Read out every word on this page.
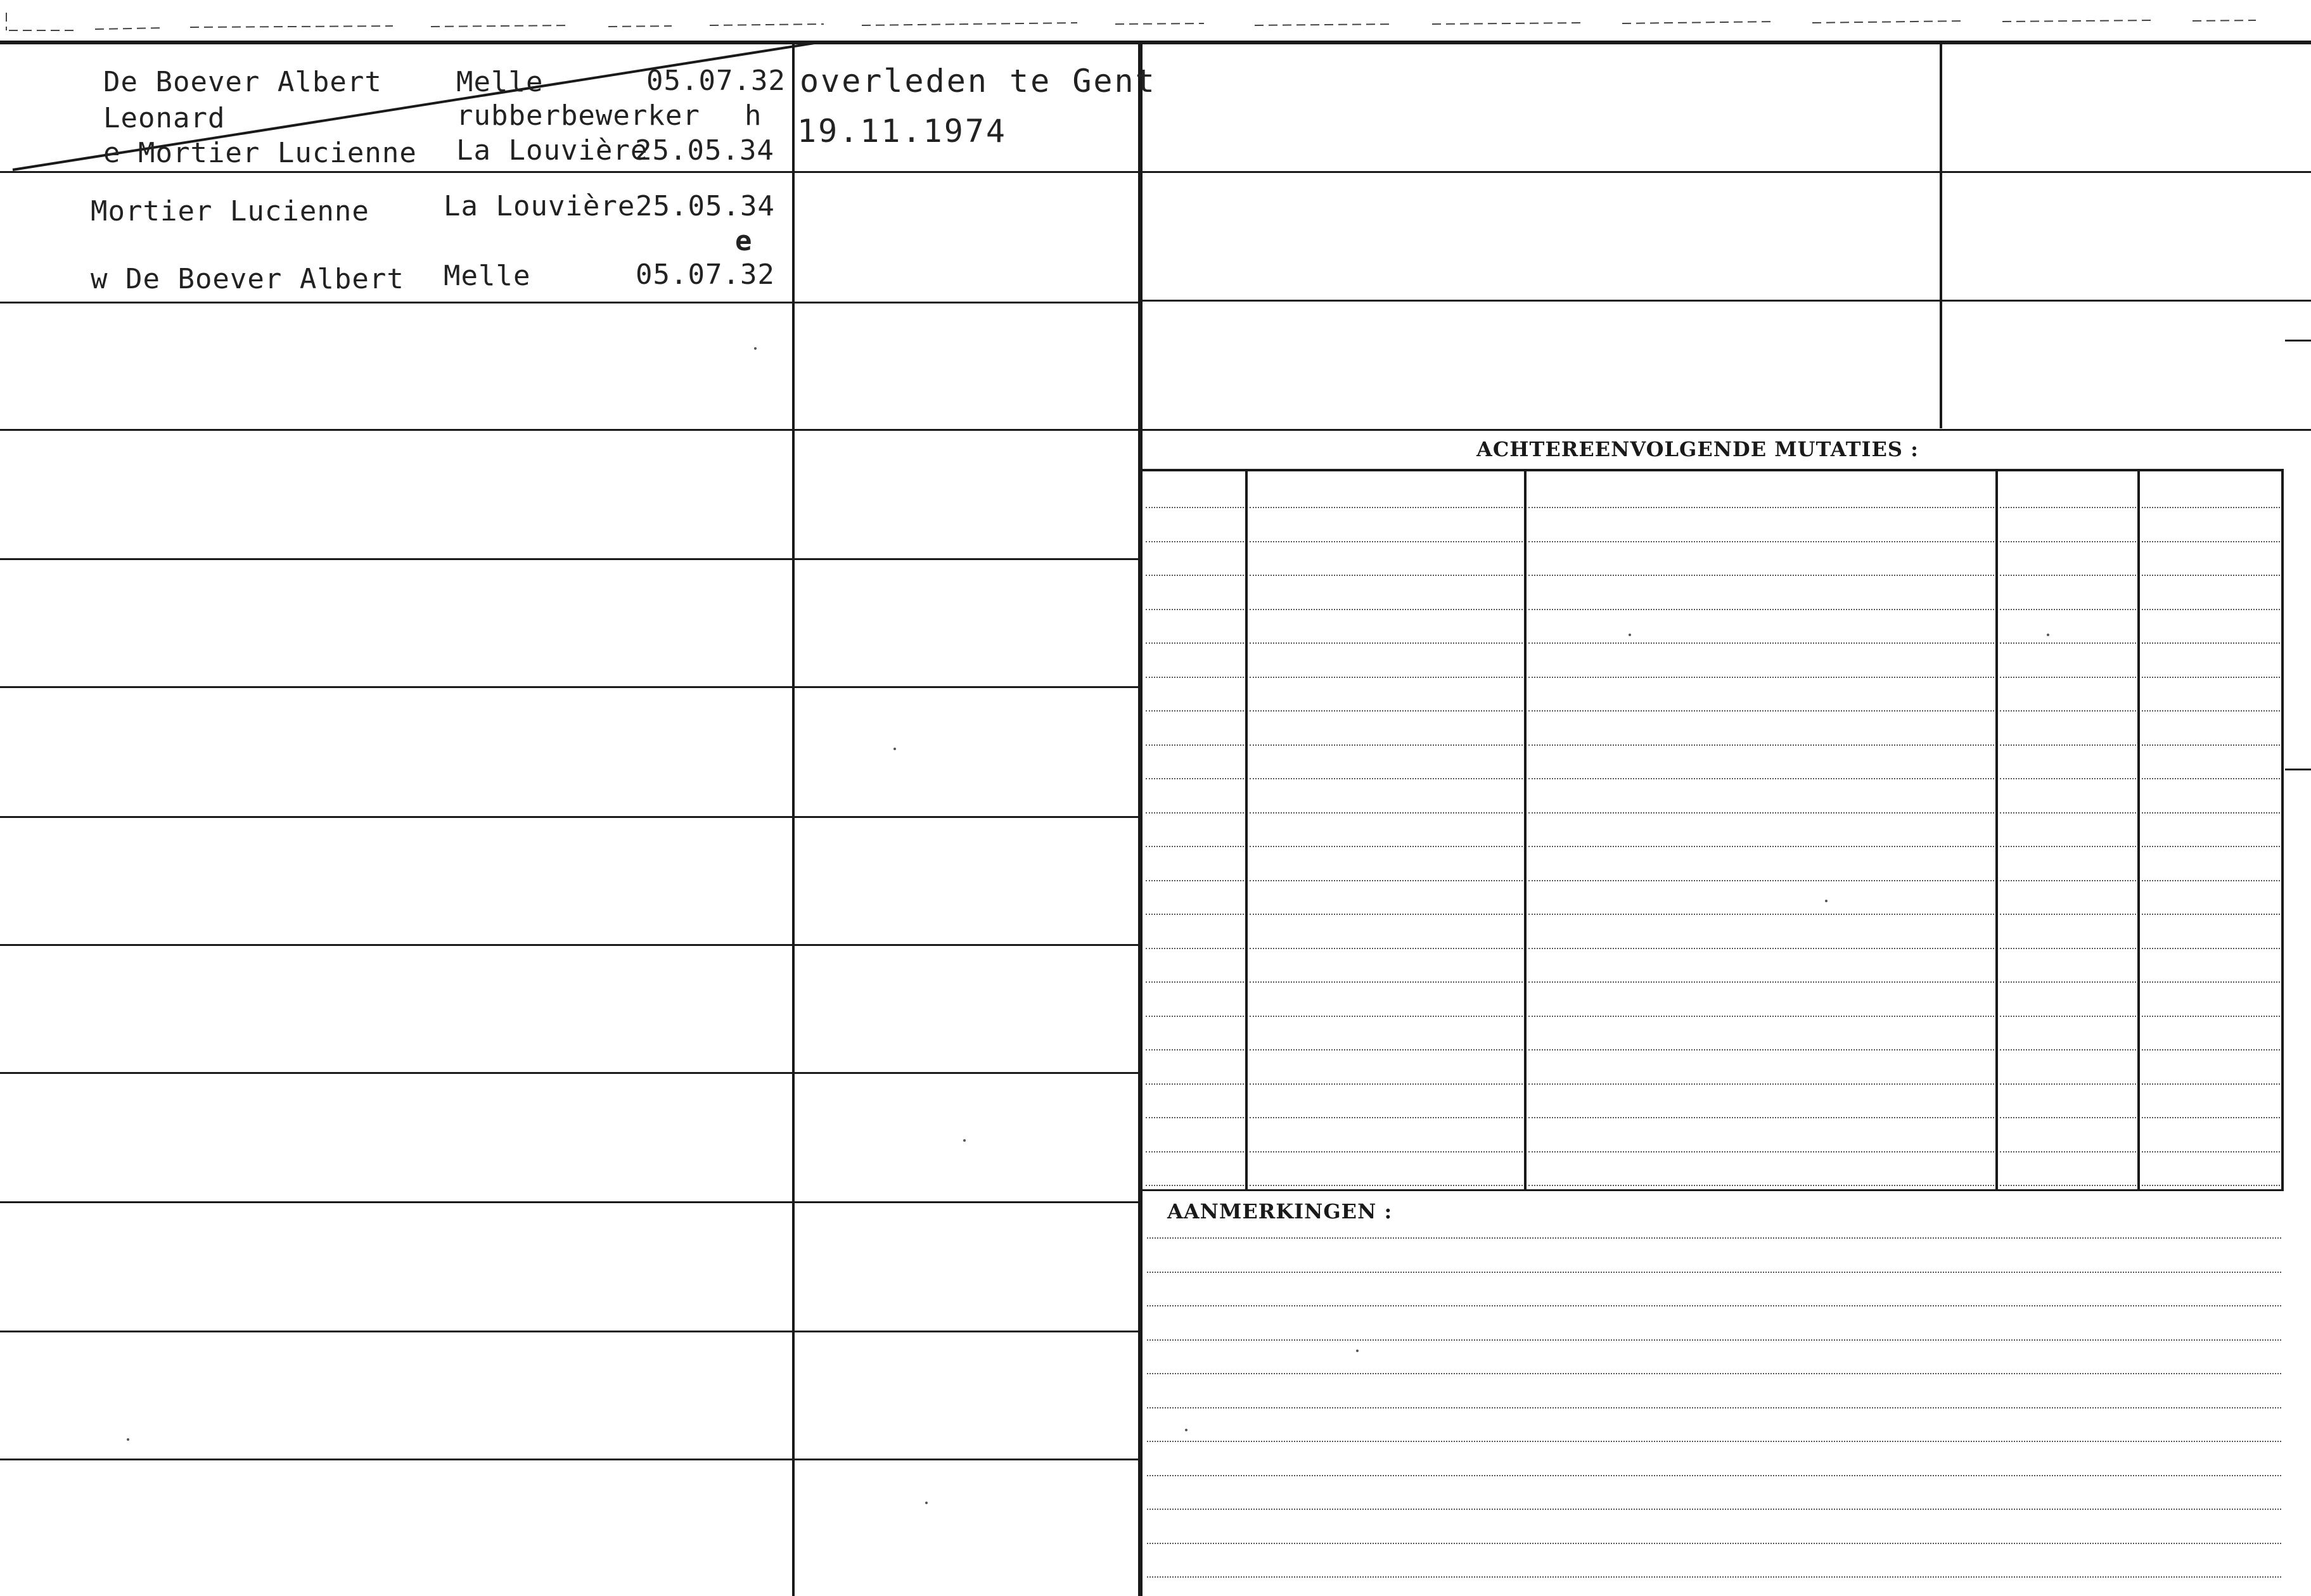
ACHTEREENVOLGENDE MUTATIES :
AANMERKINGEN :
De Boever Albert
Leonard
e Mortier Lucienne
Melle
rubberbewerker
La Louvière
05.07.32
h
25.05.34
overleden te Gent
19.11.1974
Mortier Lucienne
w De Boever Albert
La Louvière
Melle
25.05.34
e
05.07.32
